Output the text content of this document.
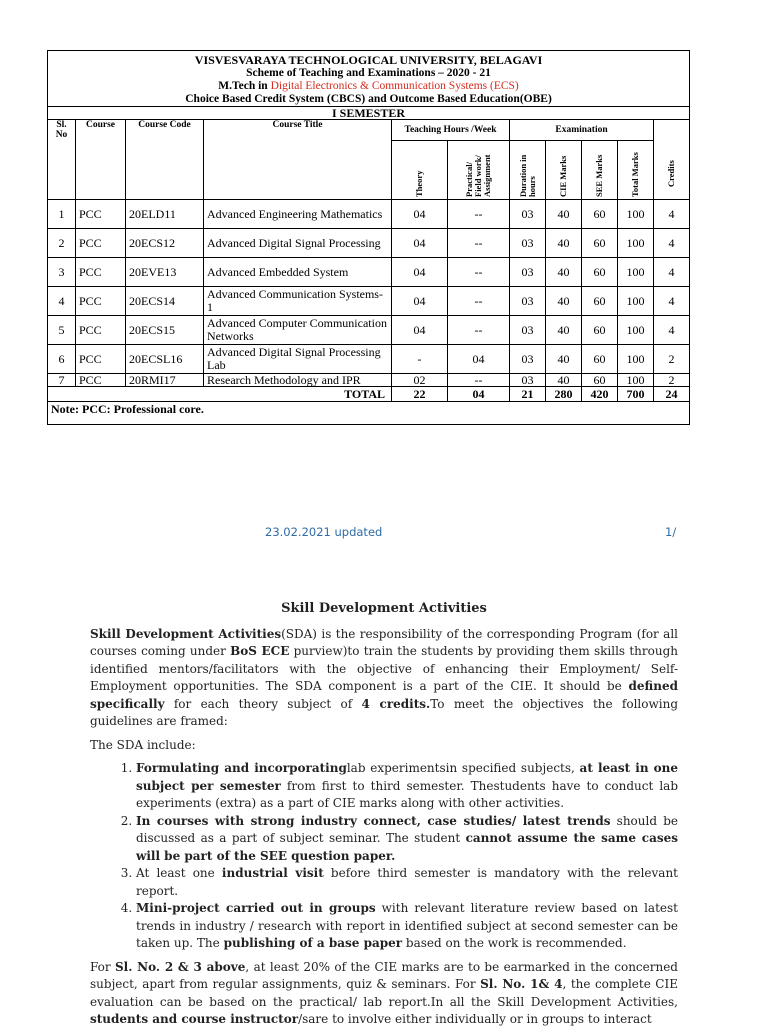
VISVESVARAYA TECHNOLOGICAL UNIVERSITY, BELAGAVI
Scheme of Teaching and Examinations – 2020 - 21
M.Tech in Digital Electronics & Communication Systems (ECS)
Choice Based Credit System (CBCS) and Outcome Based Education(OBE)										

I SEMESTER										
Sl. No	Course	Course Code	Course Title	Teaching Hours /Week		Examination				Credits

				Theory	Practical/
Field work/
Assignment	Duration in
hours	CIE Marks	SEE Marks	Total Marks	

1	PCC	20ELD11	Advanced Engineering Mathematics	04	--	03	40	60	100	4
2	PCC	20ECS12	Advanced Digital Signal Processing	04	--	03	40	60	100	4
3	PCC	20EVE13	Advanced Embedded System	04	--	03	40	60	100	4
4	PCC	20ECS14	Advanced Communication Systems-1	04	--	03	40	60	100	4
5	PCC	20ECS15	Advanced Computer Communication Networks	04	--	03	40	60	100	4
6	PCC	20ECSL16	Advanced Digital Signal Processing Lab	-	04	03	40	60	100	2
7	PCC	20RMI17	Research Methodology and IPR	02	--	03	40	60	100	2
TOTAL				22	04	21	280	420	700	24
Note: PCC: Professional core.										
23.02.2021 updated	1/
Skill Development Activities

Skill Development Activities(SDA) is the responsibility of the corresponding Program (for all courses coming under BoS ECE purview)to train the students by providing them skills through identified mentors/facilitators with the objective of enhancing their Employment/ Self-Employment opportunities. The SDA component is a part of the CIE. It should be defined specifically for each theory subject of 4 credits.To meet the objectives the following guidelines are framed:

The SDA include:

1. Formulating and incorporatinglab experimentsin specified subjects, at least in one subject per semester from first to third semester. Thestudents have to conduct lab experiments (extra) as a part of CIE marks along with other activities.
2. In courses with strong industry connect, case studies/ latest trends should be discussed as a part of subject seminar. The student cannot assume the same cases will be part of the SEE question paper.
3. At least one industrial visit before third semester is mandatory with the relevant report.
4. Mini-project carried out in groups with relevant literature review based on latest trends in industry / research with report in identified subject at second semester can be taken up. The publishing of a base paper based on the work is recommended.

For Sl. No. 2 & 3 above, at least 20% of the CIE marks are to be earmarked in the concerned subject, apart from regular assignments, quiz & seminars. For Sl. No. 1& 4, the complete CIE evaluation can be based on the practical/ lab report.In all the Skill Development Activities, students and course instructor/sare to involve either individually or in groups to interact
